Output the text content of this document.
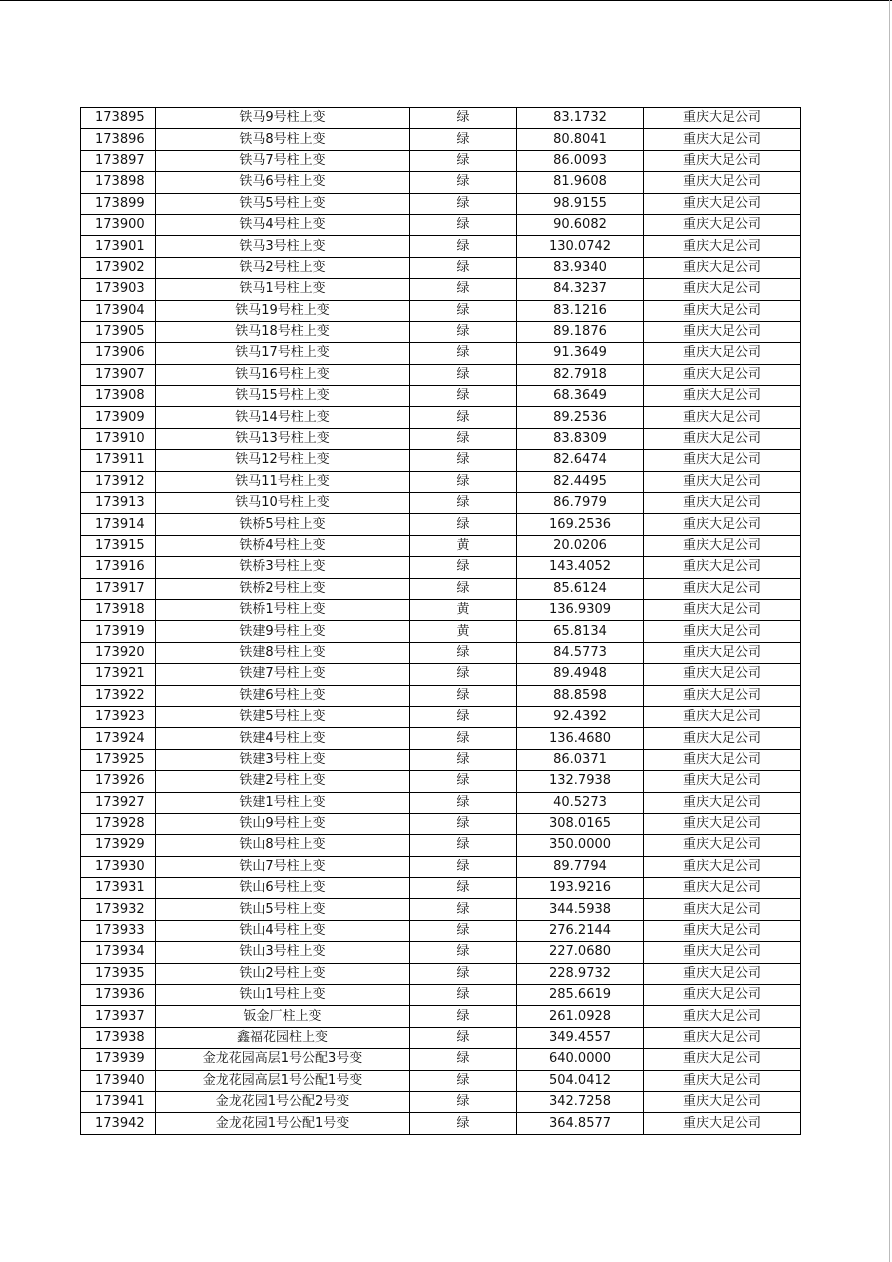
173895	铁马9号柱上变	绿	83.1732	重庆大足公司
173896	铁马8号柱上变	绿	80.8041	重庆大足公司
173897	铁马7号柱上变	绿	86.0093	重庆大足公司
173898	铁马6号柱上变	绿	81.9608	重庆大足公司
173899	铁马5号柱上变	绿	98.9155	重庆大足公司
173900	铁马4号柱上变	绿	90.6082	重庆大足公司
173901	铁马3号柱上变	绿	130.0742	重庆大足公司
173902	铁马2号柱上变	绿	83.9340	重庆大足公司
173903	铁马1号柱上变	绿	84.3237	重庆大足公司
173904	铁马19号柱上变	绿	83.1216	重庆大足公司
173905	铁马18号柱上变	绿	89.1876	重庆大足公司
173906	铁马17号柱上变	绿	91.3649	重庆大足公司
173907	铁马16号柱上变	绿	82.7918	重庆大足公司
173908	铁马15号柱上变	绿	68.3649	重庆大足公司
173909	铁马14号柱上变	绿	89.2536	重庆大足公司
173910	铁马13号柱上变	绿	83.8309	重庆大足公司
173911	铁马12号柱上变	绿	82.6474	重庆大足公司
173912	铁马11号柱上变	绿	82.4495	重庆大足公司
173913	铁马10号柱上变	绿	86.7979	重庆大足公司
173914	铁桥5号柱上变	绿	169.2536	重庆大足公司
173915	铁桥4号柱上变	黄	20.0206	重庆大足公司
173916	铁桥3号柱上变	绿	143.4052	重庆大足公司
173917	铁桥2号柱上变	绿	85.6124	重庆大足公司
173918	铁桥1号柱上变	黄	136.9309	重庆大足公司
173919	铁建9号柱上变	黄	65.8134	重庆大足公司
173920	铁建8号柱上变	绿	84.5773	重庆大足公司
173921	铁建7号柱上变	绿	89.4948	重庆大足公司
173922	铁建6号柱上变	绿	88.8598	重庆大足公司
173923	铁建5号柱上变	绿	92.4392	重庆大足公司
173924	铁建4号柱上变	绿	136.4680	重庆大足公司
173925	铁建3号柱上变	绿	86.0371	重庆大足公司
173926	铁建2号柱上变	绿	132.7938	重庆大足公司
173927	铁建1号柱上变	绿	40.5273	重庆大足公司
173928	铁山9号柱上变	绿	308.0165	重庆大足公司
173929	铁山8号柱上变	绿	350.0000	重庆大足公司
173930	铁山7号柱上变	绿	89.7794	重庆大足公司
173931	铁山6号柱上变	绿	193.9216	重庆大足公司
173932	铁山5号柱上变	绿	344.5938	重庆大足公司
173933	铁山4号柱上变	绿	276.2144	重庆大足公司
173934	铁山3号柱上变	绿	227.0680	重庆大足公司
173935	铁山2号柱上变	绿	228.9732	重庆大足公司
173936	铁山1号柱上变	绿	285.6619	重庆大足公司
173937	钣金厂柱上变	绿	261.0928	重庆大足公司
173938	鑫福花园柱上变	绿	349.4557	重庆大足公司
173939	金龙花园高层1号公配3号变	绿	640.0000	重庆大足公司
173940	金龙花园高层1号公配1号变	绿	504.0412	重庆大足公司
173941	金龙花园1号公配2号变	绿	342.7258	重庆大足公司
173942	金龙花园1号公配1号变	绿	364.8577	重庆大足公司
